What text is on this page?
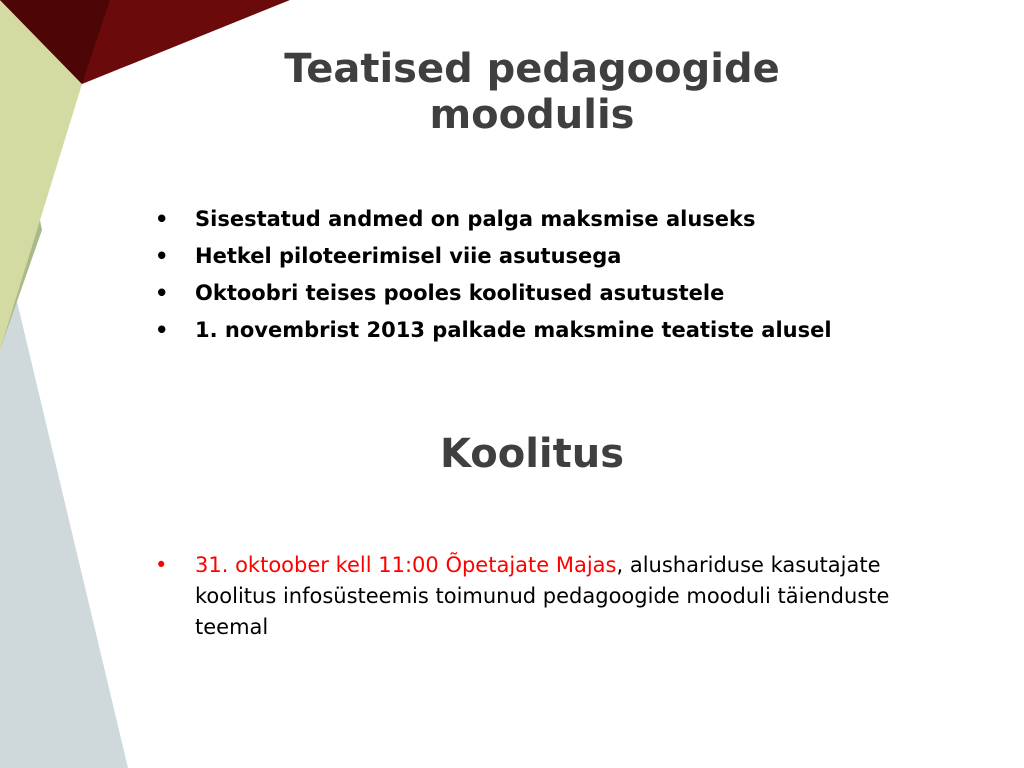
Teatised pedagoogide
moodulis
• Sisestatud andmed on palga maksmise aluseks
• Hetkel piloteerimisel viie asutusega
• Oktoobri teises pooles koolitused asutustele
• 1. novembrist 2013 palkade maksmine teatiste alusel
Koolitus
• 31. oktoober kell 11:00 Õpetajate Majas, alushariduse kasutajate koolitus infosüsteemis toimunud pedagoogide mooduli täienduste teemal
